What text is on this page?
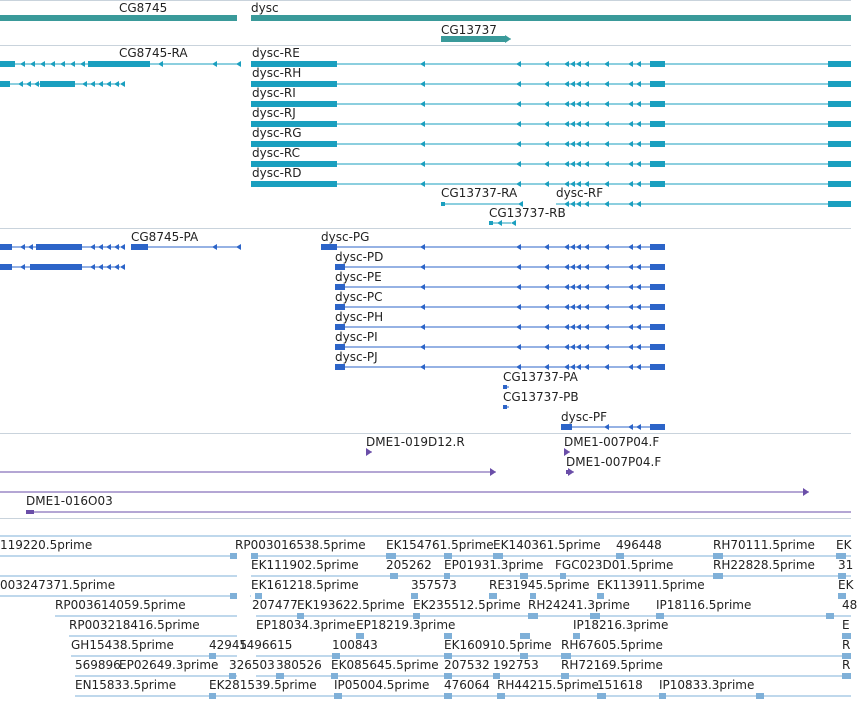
CG8745	dysc
CG13737
CG8745-RA	dysc-RE
dysc-RH
dysc-RI
dysc-RJ
dysc-RG
dysc-RC
dysc-RD
CG13737-RA	dysc-RF
CG13737-RB
CG8745-PA	dysc-PG
dysc-PD
dysc-PE
dysc-PC
dysc-PH
dysc-PI
dysc-PJ
CG13737-PA
CG13737-PB
dysc-PF
DME1-019D12.R	DME1-007P04.F
DME1-007P04.F
DME1-016O03
119220.5prime	RP003016538.5prime EK154761.5prime EK140361.5prime 496448	RH70111.5prime EK
003247371.5prime
EK111902.5prime 205262 EP01931.3prime FGC023D01.5prime	RH22828.5prime 31
EK161218.5prime	357573	RE31945.5prime EK113911.5prime	EK
RP003614059.5prime	207477 EK193622.5prime EK235512.5prime RH24241.3prime IP18116.5prime	48
RP003218416.5prime	EP18034.3prime EP18219.3prime	IP18216.3prime	E
GH15438.5prime	42945
1496615	100843	EK160910.5prime RH67605.5prime	R
569896
EP02649.3prime 326503 380526 EK085645.5prime 207532 192753 RH72169.5prime	R
EN15833.5prime	EK281539.5prime IP05004.5prime 476064 RH44215.5prime
151618 IP10833.3prime
